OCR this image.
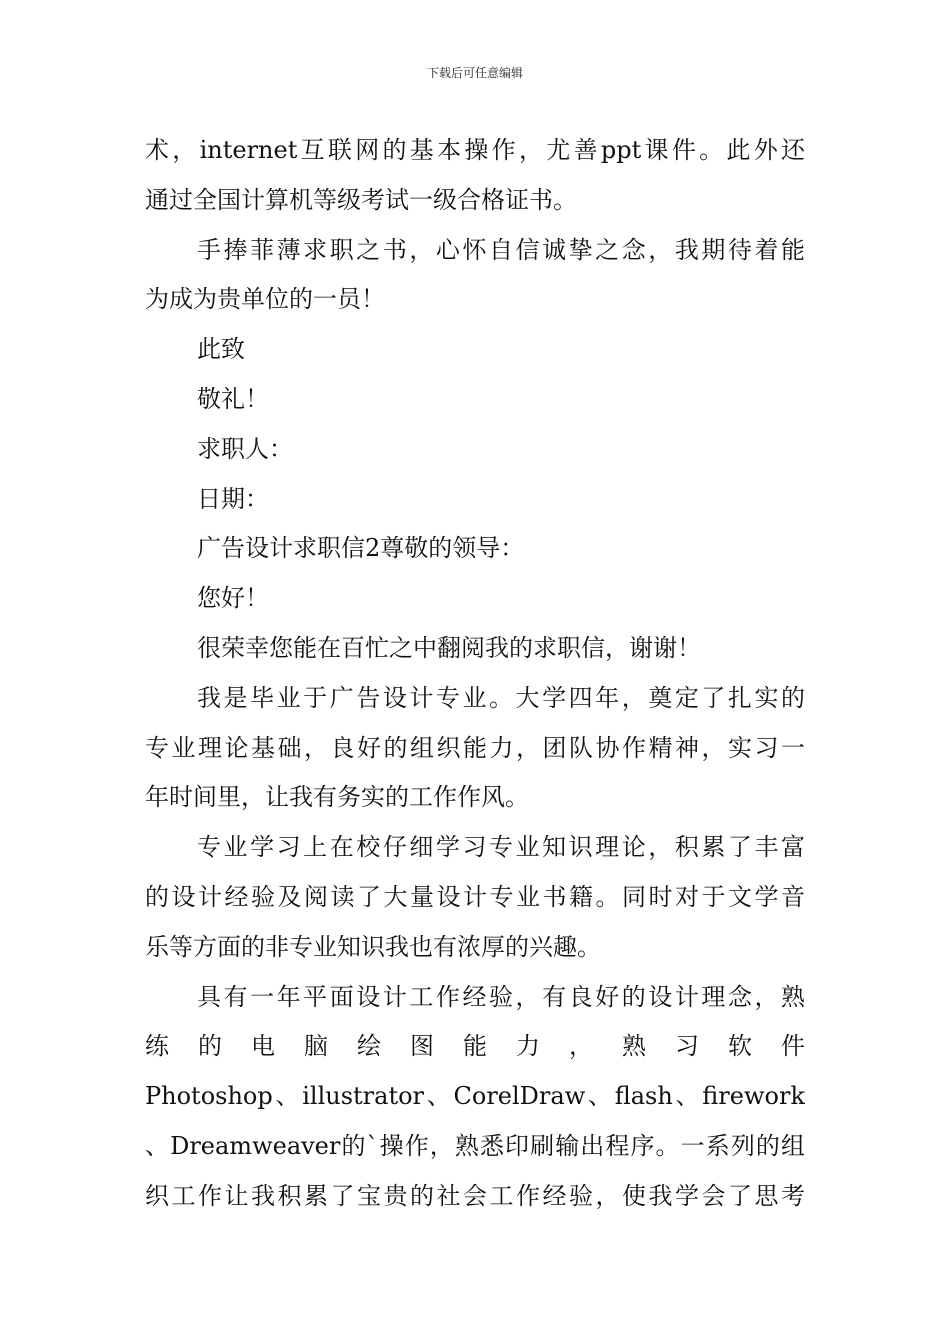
下载后可任意编辑
术，internet互联网的基本操作，尤善ppt课件。此外还
通过全国计算机等级考试一级合格证书。
手捧菲薄求职之书，心怀自信诚挚之念，我期待着能
为成为贵单位的一员！
此致
敬礼！
求职人：
日期：
广告设计求职信2尊敬的领导：
您好！
很荣幸您能在百忙之中翻阅我的求职信，谢谢！
我是毕业于广告设计专业。大学四年，奠定了扎实的
专业理论基础，良好的组织能力，团队协作精神，实习一
年时间里，让我有务实的工作作风。
专业学习上在校仔细学习专业知识理论，积累了丰富
的设计经验及阅读了大量设计专业书籍。同时对于文学音
乐等方面的非专业知识我也有浓厚的兴趣。
具有一年平面设计工作经验，有良好的设计理念，熟
练 的 电 脑 绘 图 能 力 ， 熟 习 软 件
Photoshop、illustrator、CorelDraw、flash、firework
、Dreamweaver的`操作，熟悉印刷输出程序。一系列的组
织工作让我积累了宝贵的社会工作经验，使我学会了思考
